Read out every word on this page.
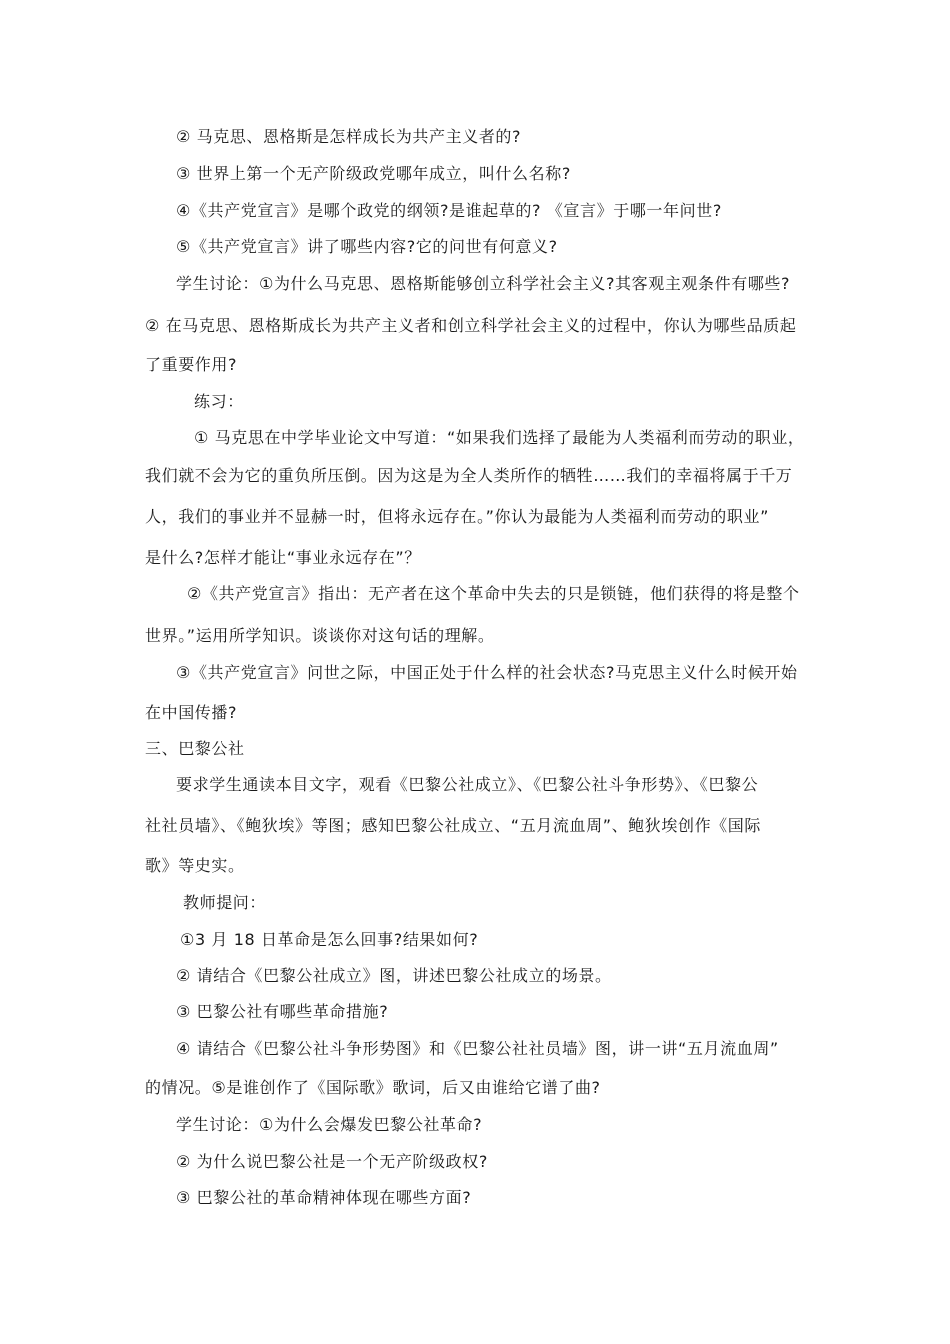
② 马克思、恩格斯是怎样成长为共产主义者的?
③ 世界上第一个无产阶级政党哪年成立，叫什么名称?
④《共产党宣言》是哪个政党的纲领?是谁起草的? 《宣言》于哪一年问世?
⑤《共产党宣言》讲了哪些内容?它的问世有何意义?
学生讨论：①为什么马克思、恩格斯能够创立科学社会主义?其客观主观条件有哪些?
② 在马克思、恩格斯成长为共产主义者和创立科学社会主义的过程中，你认为哪些品质起
了重要作用?
练习：
① 马克思在中学毕业论文中写道：“如果我们选择了最能为人类福利而劳动的职业，
我们就不会为它的重负所压倒。因为这是为全人类所作的牺牲……我们的幸福将属于千万
人，我们的事业并不显赫一时，但将永远存在。”你认为最能为人类福利而劳动的职业”
是什么?怎样才能让“事业永远存在”？
②《共产党宣言》指出：无产者在这个革命中失去的只是锁链，他们获得的将是整个
世界。”运用所学知识。谈谈你对这句话的理解。
③《共产党宣言》问世之际，中国正处于什么样的社会状态?马克思主义什么时候开始
在中国传播?
三、巴黎公社
要求学生通读本目文字，观看《巴黎公社成立》、《巴黎公社斗争形势》、《巴黎公
社社员墙》、《鲍狄埃》等图；感知巴黎公社成立、“五月流血周”、鲍狄埃创作《国际
歌》等史实。
教师提问：
①3 月 18 日革命是怎么回事?结果如何?
② 请结合《巴黎公社成立》图，讲述巴黎公社成立的场景。
③ 巴黎公社有哪些革命措施?
④ 请结合《巴黎公社斗争形势图》和《巴黎公社社员墙》图，讲一讲“五月流血周”
的情况。⑤是谁创作了《国际歌》歌词，后又由谁给它谱了曲?
学生讨论：①为什么会爆发巴黎公社革命?
② 为什么说巴黎公社是一个无产阶级政权?
③ 巴黎公社的革命精神体现在哪些方面?
